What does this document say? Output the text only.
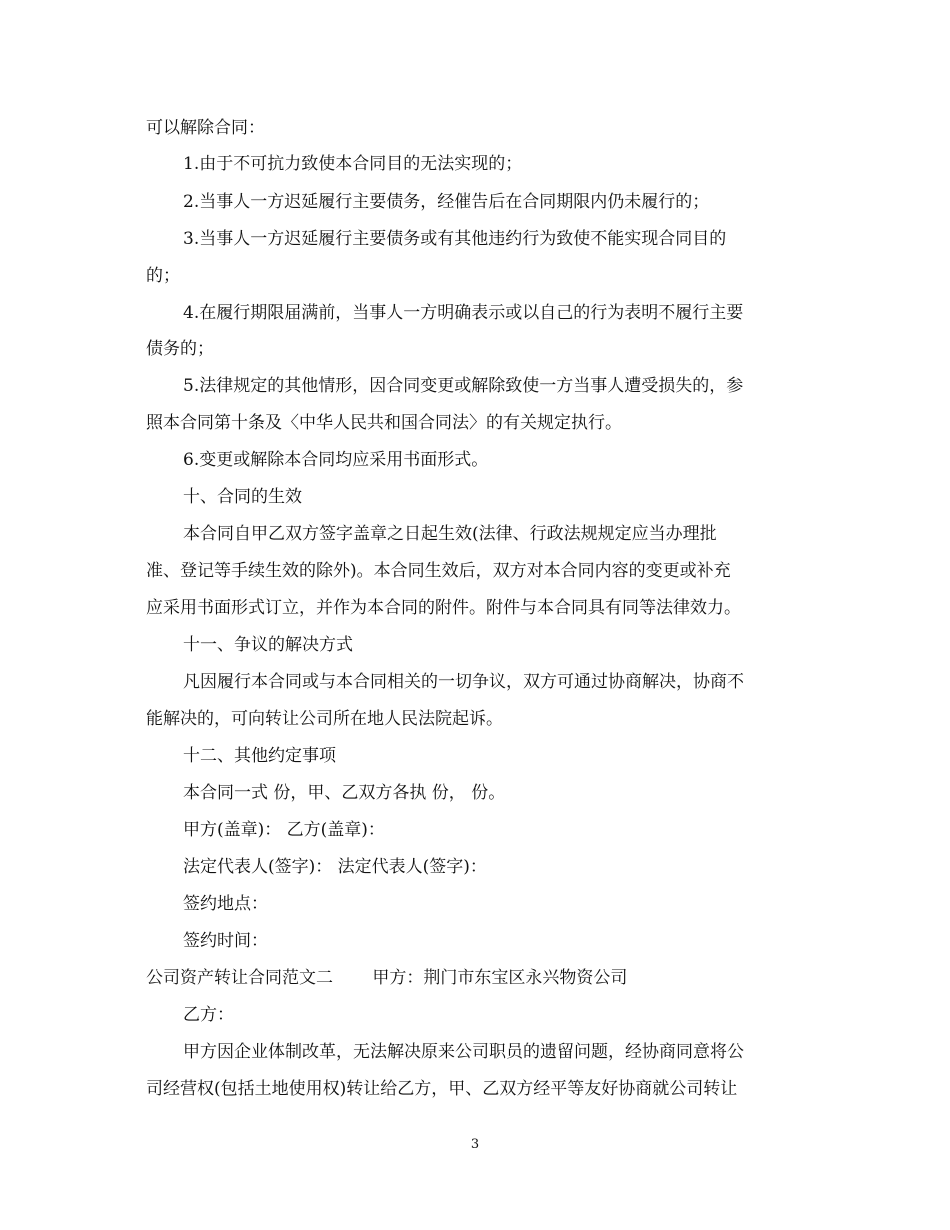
可以解除合同：
1.由于不可抗力致使本合同目的无法实现的；
2.当事人一方迟延履行主要债务，经催告后在合同期限内仍未履行的；
3.当事人一方迟延履行主要债务或有其他违约行为致使不能实现合同目的
的；
4.在履行期限届满前，当事人一方明确表示或以自己的行为表明不履行主要
债务的；
5.法律规定的其他情形，因合同变更或解除致使一方当事人遭受损失的，参
照本合同第十条及〈中华人民共和国合同法〉的有关规定执行。
6.变更或解除本合同均应采用书面形式。
十、合同的生效
本合同自甲乙双方签字盖章之日起生效(法律、行政法规规定应当办理批
准、登记等手续生效的除外)。本合同生效后，双方对本合同内容的变更或补充
应采用书面形式订立，并作为本合同的附件。附件与本合同具有同等法律效力。
十一、争议的解决方式
凡因履行本合同或与本合同相关的一切争议，双方可通过协商解决，协商不
能解决的，可向转让公司所在地人民法院起诉。
十二、其他约定事项
本合同一式 份，甲、乙双方各执 份， 份。
甲方(盖章)： 乙方(盖章)：
法定代表人(签字)： 法定代表人(签字)：
签约地点：
签约时间：
公司资产转让合同范文二　　 甲方：荆门市东宝区永兴物资公司
乙方：
甲方因企业体制改革，无法解决原来公司职员的遗留问题，经协商同意将公
司经营权(包括土地使用权)转让给乙方，甲、乙双方经平等友好协商就公司转让
3
